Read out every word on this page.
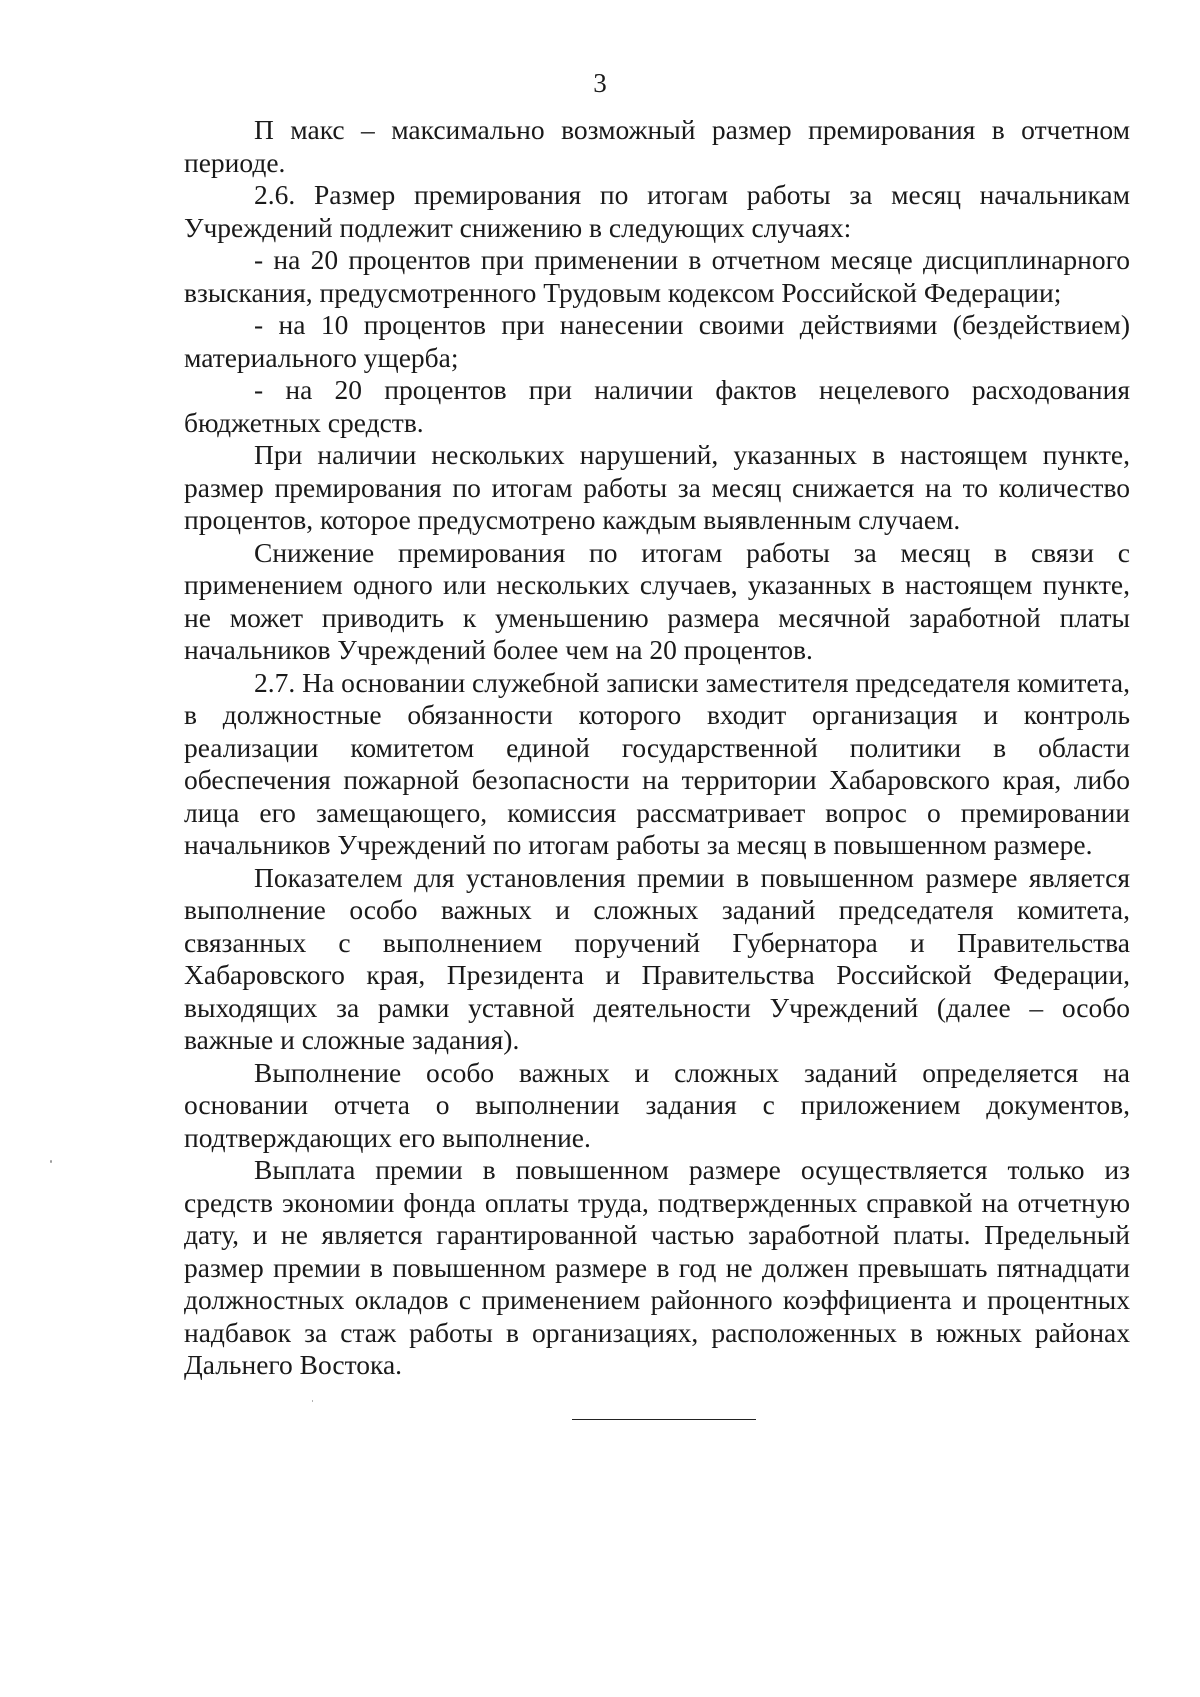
3

П макс – максимально возможный размер премирования в отчетном периоде.

2.6. Размер премирования по итогам работы за месяц начальникам Учреждений подлежит снижению в следующих случаях:

- на 20 процентов при применении в отчетном месяце дисциплинарного взыскания, предусмотренного Трудовым кодексом Российской Федерации;

- на 10 процентов при нанесении своими действиями (бездействием) материального ущерба;

- на 20 процентов при наличии фактов нецелевого расходования бюджетных средств.

При наличии нескольких нарушений, указанных в настоящем пункте, размер премирования по итогам работы за месяц снижается на то количество процентов, которое предусмотрено каждым выявленным случаем.

Снижение премирования по итогам работы за месяц в связи с применением одного или нескольких случаев, указанных в настоящем пункте, не может приводить к уменьшению размера месячной заработной платы начальников Учреждений более чем на 20 процентов.

2.7. На основании служебной записки заместителя председателя комитета, в должностные обязанности которого входит организация и контроль реализации комитетом единой государственной политики в области обеспечения пожарной безопасности на территории Хабаровского края, либо лица его замещающего, комиссия рассматривает вопрос о премировании начальников Учреждений по итогам работы за месяц в повышенном размере.

Показателем для установления премии в повышенном размере является выполнение особо важных и сложных заданий председателя комитета, связанных с выполнением поручений Губернатора и Правительства Хабаровского края, Президента и Правительства Российской Федерации, выходящих за рамки уставной деятельности Учреждений (далее – особо важные и сложные задания).

Выполнение особо важных и сложных заданий определяется на основании отчета о выполнении задания с приложением документов, подтверждающих его выполнение.

Выплата премии в повышенном размере осуществляется только из средств экономии фонда оплаты труда, подтвержденных справкой на отчетную дату, и не является гарантированной частью заработной платы. Предельный размер премии в повышенном размере в год не должен превышать пятнадцати должностных окладов с применением районного коэффициента и процентных надбавок за стаж работы в организациях, расположенных в южных районах Дальнего Востока.
